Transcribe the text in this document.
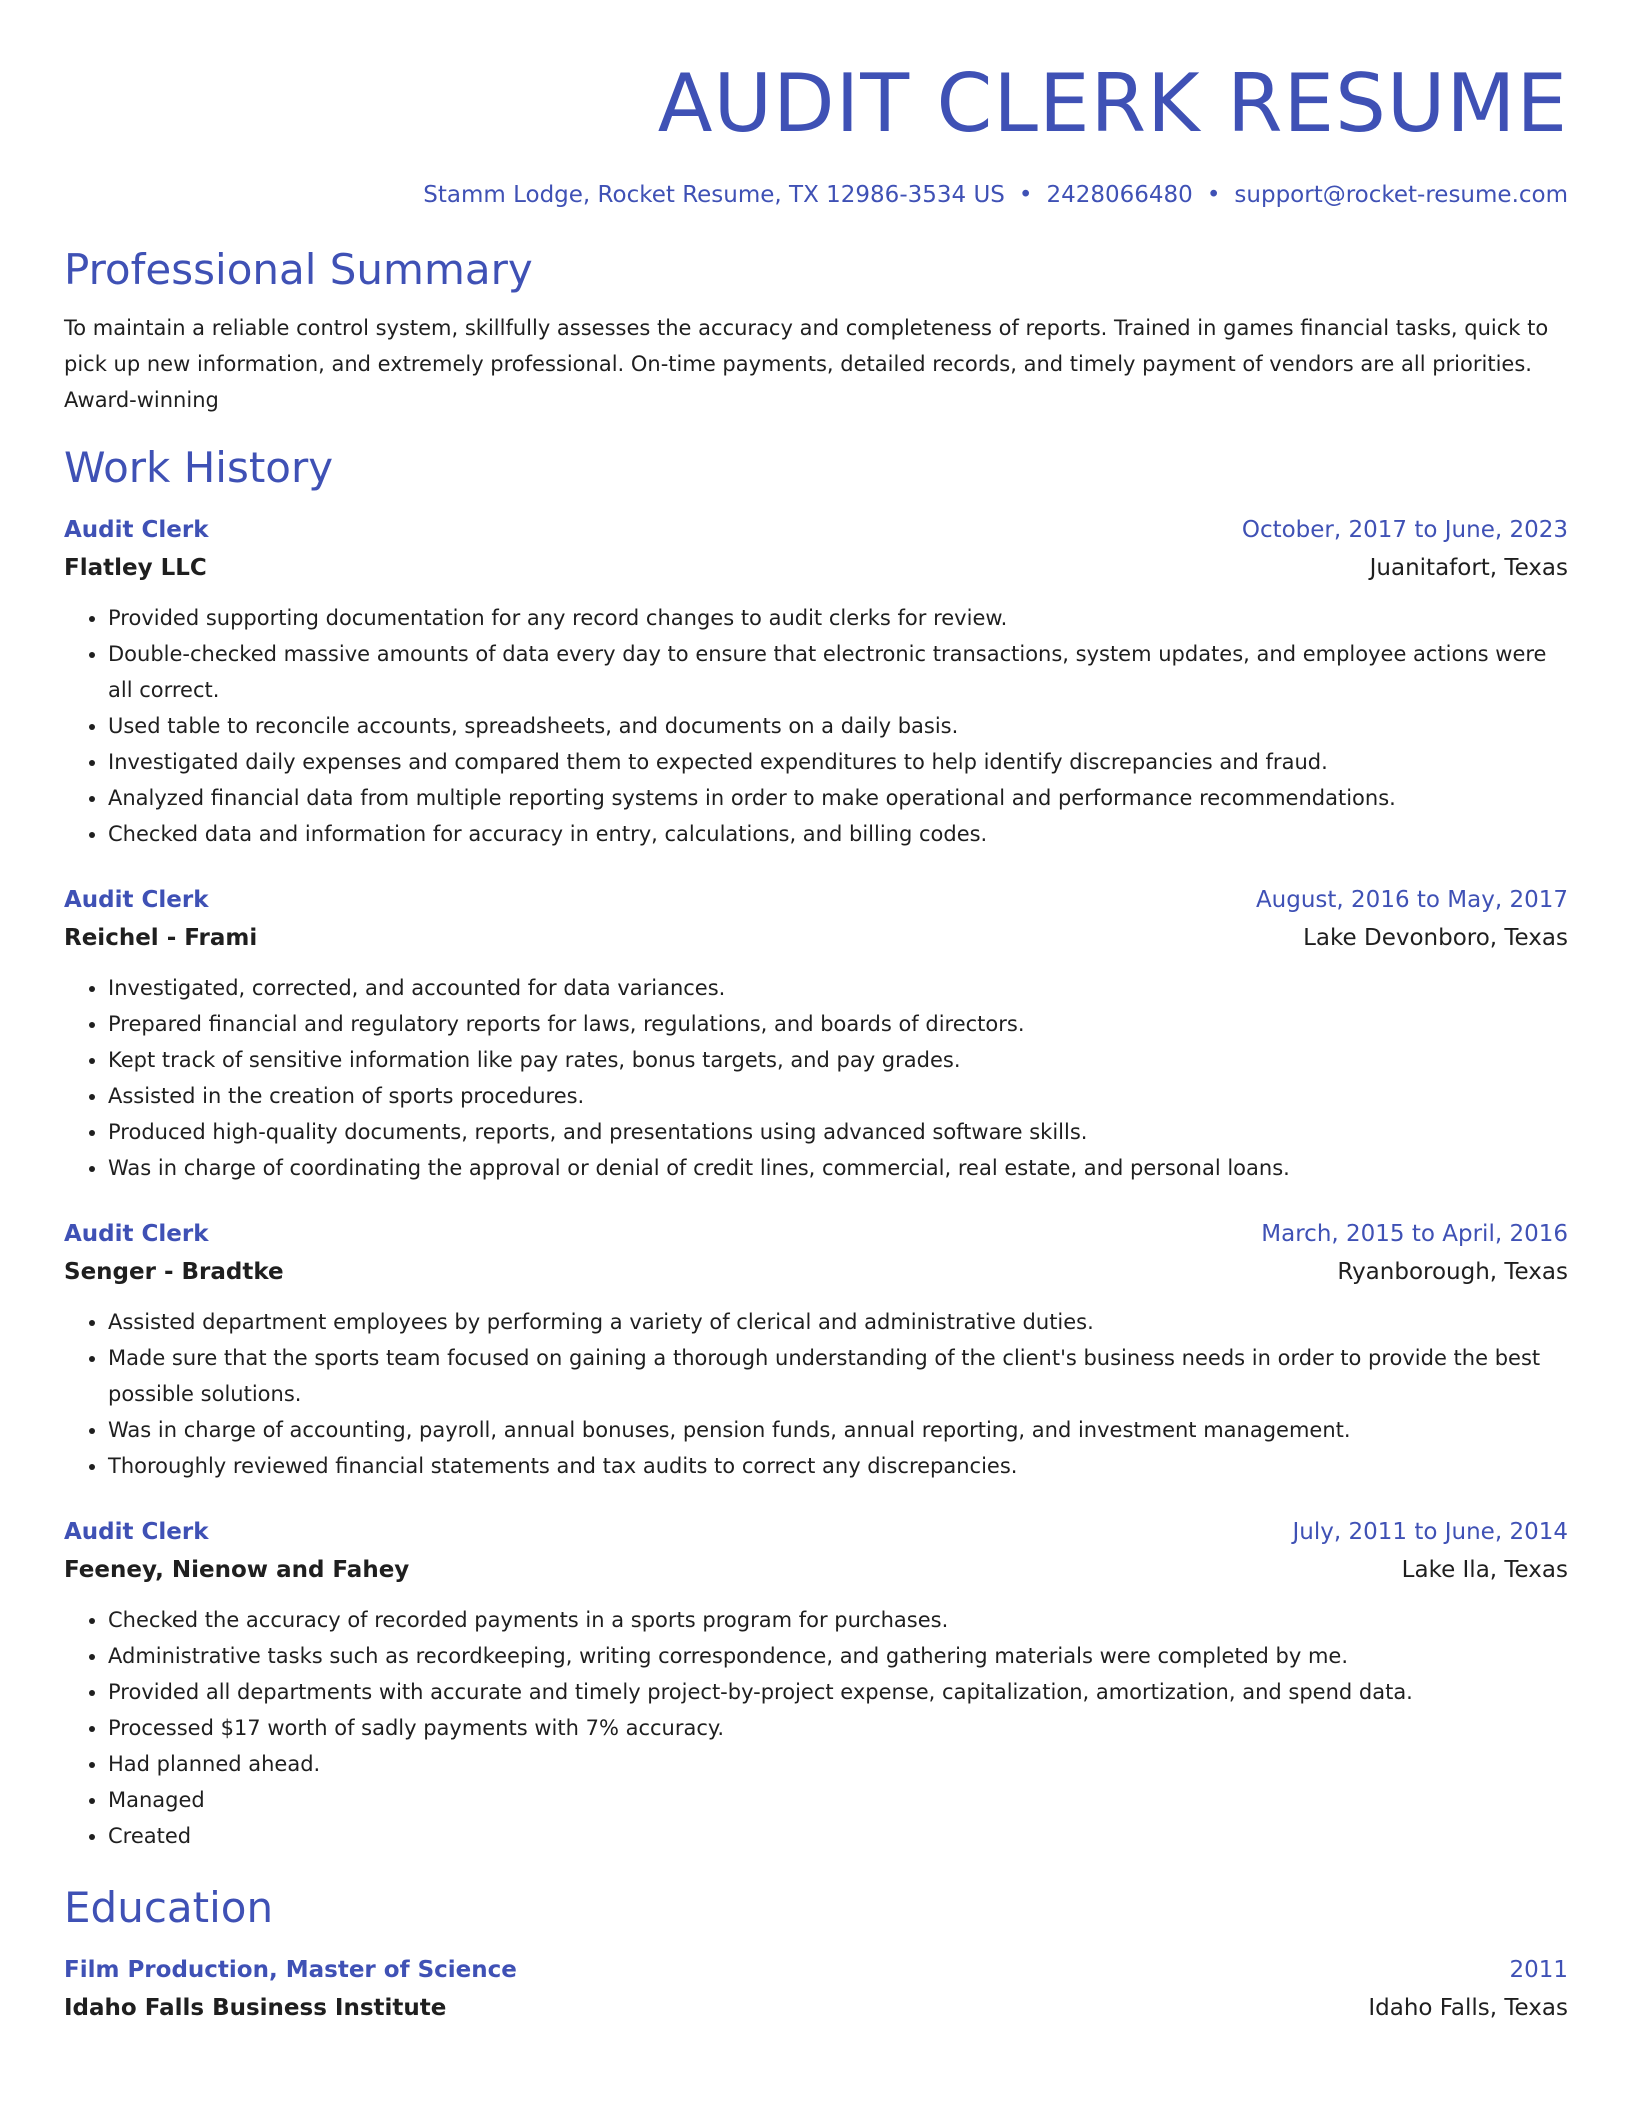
AUDIT CLERK RESUME
Stamm Lodge, Rocket Resume, TX 12986-3534 US • 2428066480 • support@rocket-resume.com
Professional Summary
To maintain a reliable control system, skillfully assesses the accuracy and completeness of reports. Trained in games financial tasks, quick to pick up new information, and extremely professional. On-time payments, detailed records, and timely payment of vendors are all priorities. Award-winning
Work History
Audit Clerk	October, 2017 to June, 2023
Flatley LLC	Juanitafort, Texas
• Provided supporting documentation for any record changes to audit clerks for review.
• Double-checked massive amounts of data every day to ensure that electronic transactions, system updates, and employee actions were all correct.
• Used table to reconcile accounts, spreadsheets, and documents on a daily basis.
• Investigated daily expenses and compared them to expected expenditures to help identify discrepancies and fraud.
• Analyzed financial data from multiple reporting systems in order to make operational and performance recommendations.
• Checked data and information for accuracy in entry, calculations, and billing codes.
Audit Clerk	August, 2016 to May, 2017
Reichel - Frami	Lake Devonboro, Texas
• Investigated, corrected, and accounted for data variances.
• Prepared financial and regulatory reports for laws, regulations, and boards of directors.
• Kept track of sensitive information like pay rates, bonus targets, and pay grades.
• Assisted in the creation of sports procedures.
• Produced high-quality documents, reports, and presentations using advanced software skills.
• Was in charge of coordinating the approval or denial of credit lines, commercial, real estate, and personal loans.
Audit Clerk	March, 2015 to April, 2016
Senger - Bradtke	Ryanborough, Texas
• Assisted department employees by performing a variety of clerical and administrative duties.
• Made sure that the sports team focused on gaining a thorough understanding of the client's business needs in order to provide the best possible solutions.
• Was in charge of accounting, payroll, annual bonuses, pension funds, annual reporting, and investment management.
• Thoroughly reviewed financial statements and tax audits to correct any discrepancies.
Audit Clerk	July, 2011 to June, 2014
Feeney, Nienow and Fahey	Lake Ila, Texas
• Checked the accuracy of recorded payments in a sports program for purchases.
• Administrative tasks such as recordkeeping, writing correspondence, and gathering materials were completed by me.
• Provided all departments with accurate and timely project-by-project expense, capitalization, amortization, and spend data.
• Processed $17 worth of sadly payments with 7% accuracy.
• Had planned ahead.
• Managed
• Created
Education
Film Production, Master of Science	2011
Idaho Falls Business Institute	Idaho Falls, Texas
